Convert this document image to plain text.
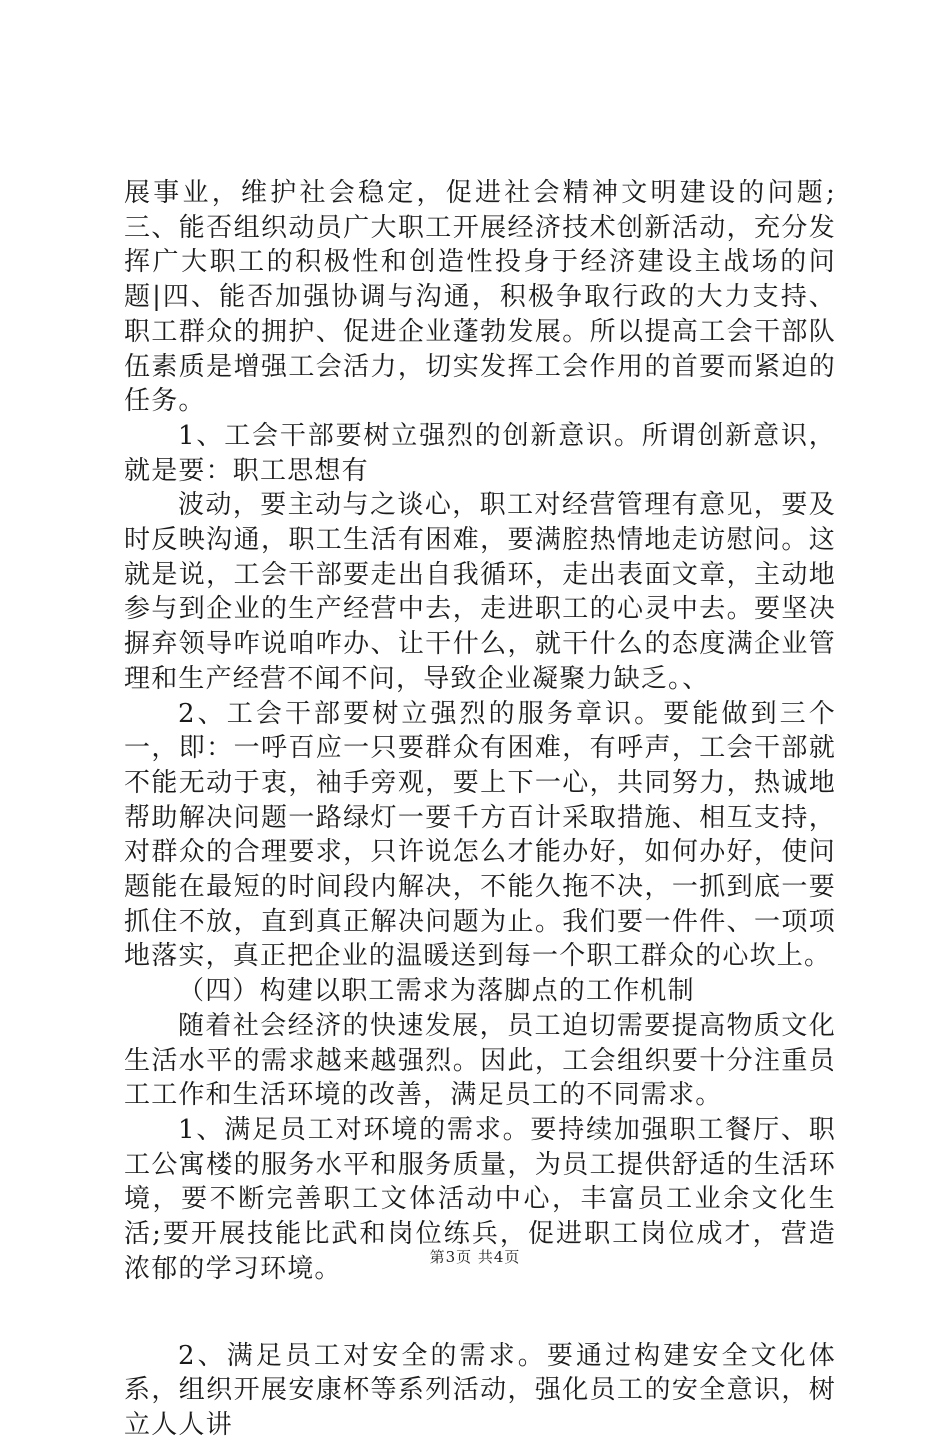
展事业，维护社会稳定，促进社会精神文明建设的问题;三、能否组织动员广大职工开展经济技术创新活动，充分发挥广大职工的积极性和创造性投身于经济建设主战场的问题|四、能否加强协调与沟通，积极争取行政的大力支持、职工群众的拥护、促进企业蓬勃发展。所以提高工会干部队伍素质是增强工会活力，切实发挥工会作用的首要而紧迫的任务。

1、工会干部要树立强烈的创新意识。所谓创新意识，就是要：职工思想有

波动，要主动与之谈心，职工对经营管理有意见，要及时反映沟通，职工生活有困难，要满腔热情地走访慰问。这就是说，工会干部要走出自我循环，走出表面文章，主动地参与到企业的生产经营中去，走进职工的心灵中去。要坚决摒弃领导咋说咱咋办、让干什么，就干什么的态度满企业管理和生产经营不闻不问，导致企业凝聚力缺乏。、

2、工会干部要树立强烈的服务章识。要能做到三个一，即：一呼百应一只要群众有困难，有呼声，工会干部就不能无动于衷，袖手旁观，要上下一心，共同努力，热诚地帮助解决问题一路绿灯一要千方百计采取措施、相互支持，对群众的合理要求，只许说怎么才能办好，如何办好，使问题能在最短的时间段内解决，不能久拖不决，一抓到底一要抓住不放，直到真正解决问题为止。我们要一件件、一项项地落实，真正把企业的温暖送到每一个职工群众的心坎上。

（四）构建以职工需求为落脚点的工作机制

随着社会经济的快速发展，员工迫切需要提高物质文化生活水平的需求越来越强烈。因此，工会组织要十分注重员工工作和生活环境的改善，满足员工的不同需求。

1、满足员工对环境的需求。要持续加强职工餐厅、职工公寓楼的服务水平和服务质量，为员工提供舒适的生活环境，要不断完善职工文体活动中心，丰富员工业余文化生活;要开展技能比武和岗位练兵，促进职工岗位成才，营造浓郁的学习环境。

2、满足员工对安全的需求。要通过构建安全文化体系，组织开展安康杯等系列活动，强化员工的安全意识，树立人人讲

第3页 共4页
